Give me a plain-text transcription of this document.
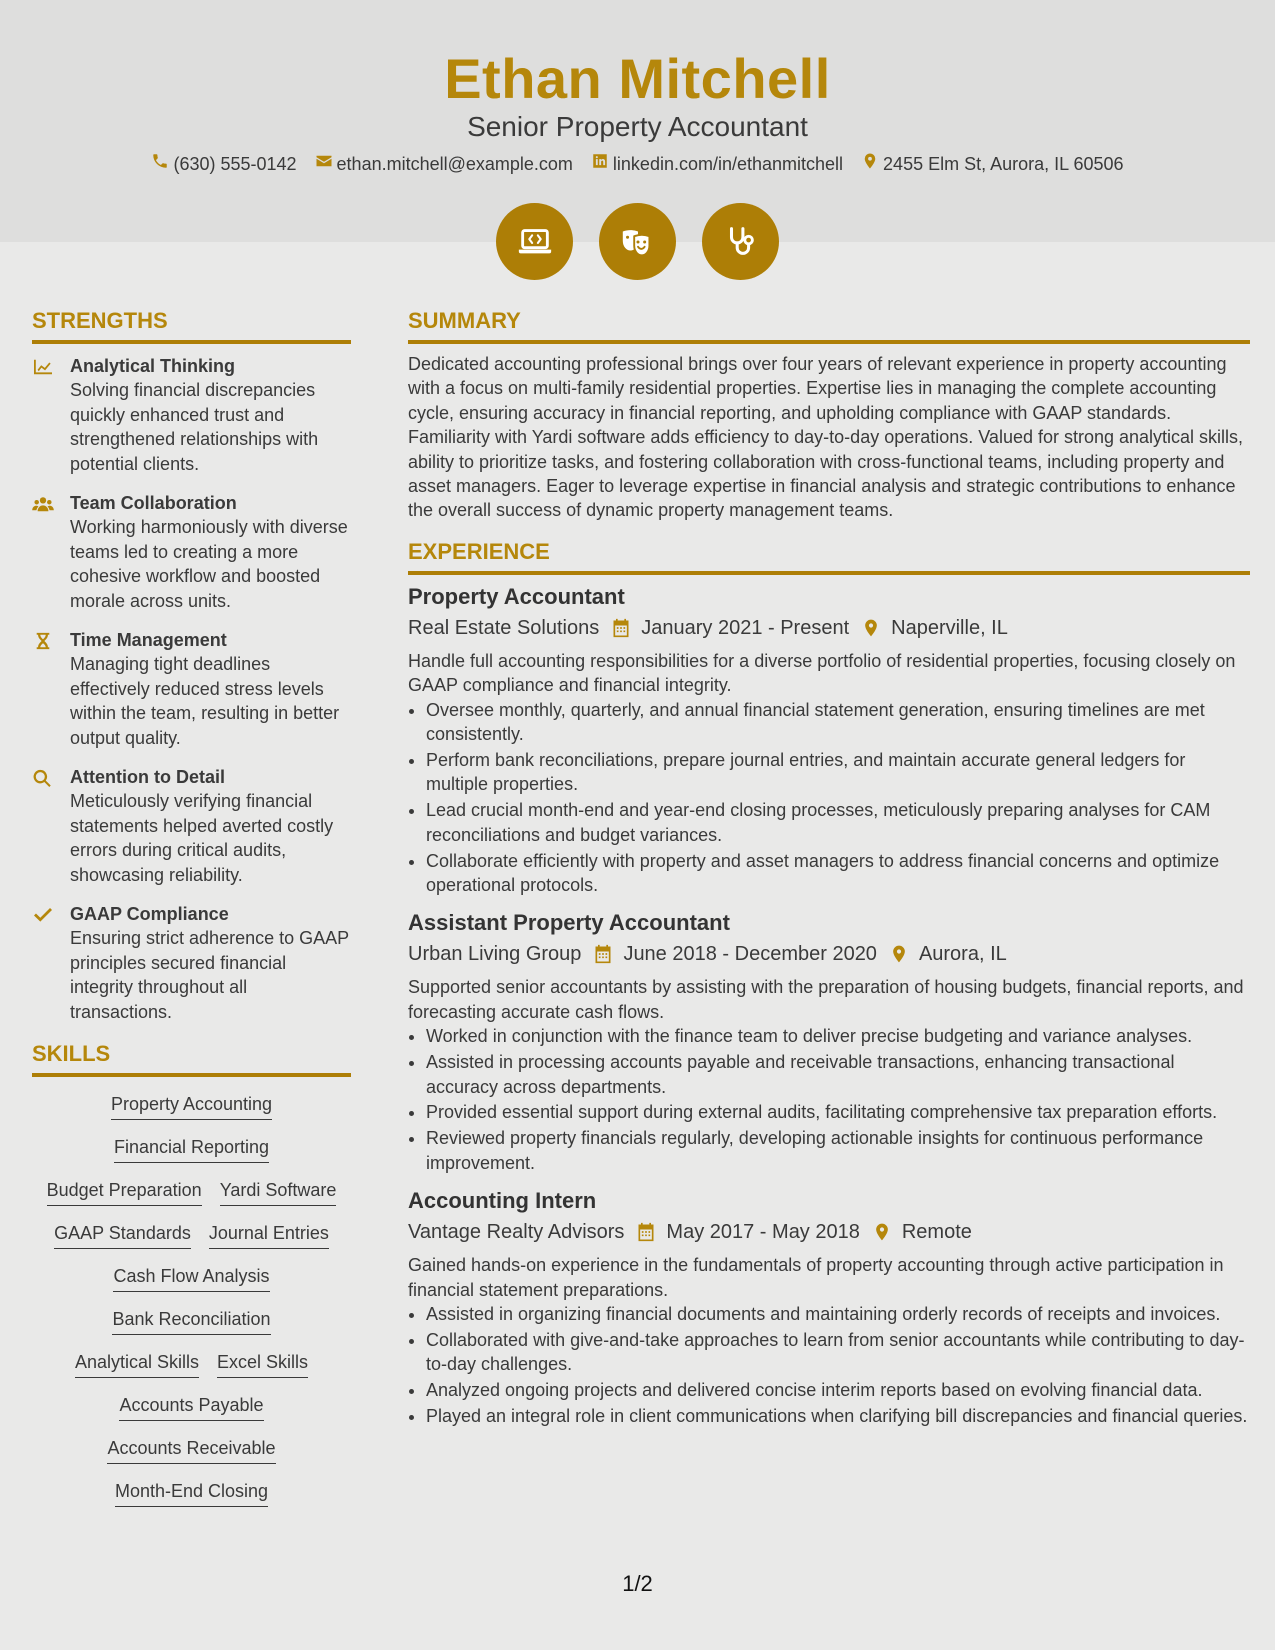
Ethan Mitchell
Senior Property Accountant
(630) 555-0142 ethan.mitchell@example.com linkedin.com/in/ethanmitchell 2455 Elm St, Aurora, IL 60506
STRENGTHS
Analytical Thinking
Solving financial discrepancies quickly enhanced trust and strengthened relationships with potential clients.
Team Collaboration
Working harmoniously with diverse teams led to creating a more cohesive workflow and boosted morale across units.
Time Management
Managing tight deadlines effectively reduced stress levels within the team, resulting in better output quality.
Attention to Detail
Meticulously verifying financial statements helped averted costly errors during critical audits, showcasing reliability.
GAAP Compliance
Ensuring strict adherence to GAAP principles secured financial integrity throughout all transactions.
SKILLS
Property Accounting
Financial Reporting
Budget Preparation Yardi Software
GAAP Standards Journal Entries
Cash Flow Analysis
Bank Reconciliation
Analytical Skills Excel Skills
Accounts Payable
Accounts Receivable
Month-End Closing
SUMMARY
Dedicated accounting professional brings over four years of relevant experience in property accounting with a focus on multi-family residential properties. Expertise lies in managing the complete accounting cycle, ensuring accuracy in financial reporting, and upholding compliance with GAAP standards. Familiarity with Yardi software adds efficiency to day-to-day operations. Valued for strong analytical skills, ability to prioritize tasks, and fostering collaboration with cross-functional teams, including property and asset managers. Eager to leverage expertise in financial analysis and strategic contributions to enhance the overall success of dynamic property management teams.
EXPERIENCE
Property Accountant
Real Estate Solutions January 2021 - Present Naperville, IL
Handle full accounting responsibilities for a diverse portfolio of residential properties, focusing closely on GAAP compliance and financial integrity.
• Oversee monthly, quarterly, and annual financial statement generation, ensuring timelines are met consistently.
• Perform bank reconciliations, prepare journal entries, and maintain accurate general ledgers for multiple properties.
• Lead crucial month-end and year-end closing processes, meticulously preparing analyses for CAM reconciliations and budget variances.
• Collaborate efficiently with property and asset managers to address financial concerns and optimize operational protocols.
Assistant Property Accountant
Urban Living Group June 2018 - December 2020 Aurora, IL
Supported senior accountants by assisting with the preparation of housing budgets, financial reports, and forecasting accurate cash flows.
• Worked in conjunction with the finance team to deliver precise budgeting and variance analyses.
• Assisted in processing accounts payable and receivable transactions, enhancing transactional accuracy across departments.
• Provided essential support during external audits, facilitating comprehensive tax preparation efforts.
• Reviewed property financials regularly, developing actionable insights for continuous performance improvement.
Accounting Intern
Vantage Realty Advisors May 2017 - May 2018 Remote
Gained hands-on experience in the fundamentals of property accounting through active participation in financial statement preparations.
• Assisted in organizing financial documents and maintaining orderly records of receipts and invoices.
• Collaborated with give-and-take approaches to learn from senior accountants while contributing to day-to-day challenges.
• Analyzed ongoing projects and delivered concise interim reports based on evolving financial data.
• Played an integral role in client communications when clarifying bill discrepancies and financial queries.
1/2
